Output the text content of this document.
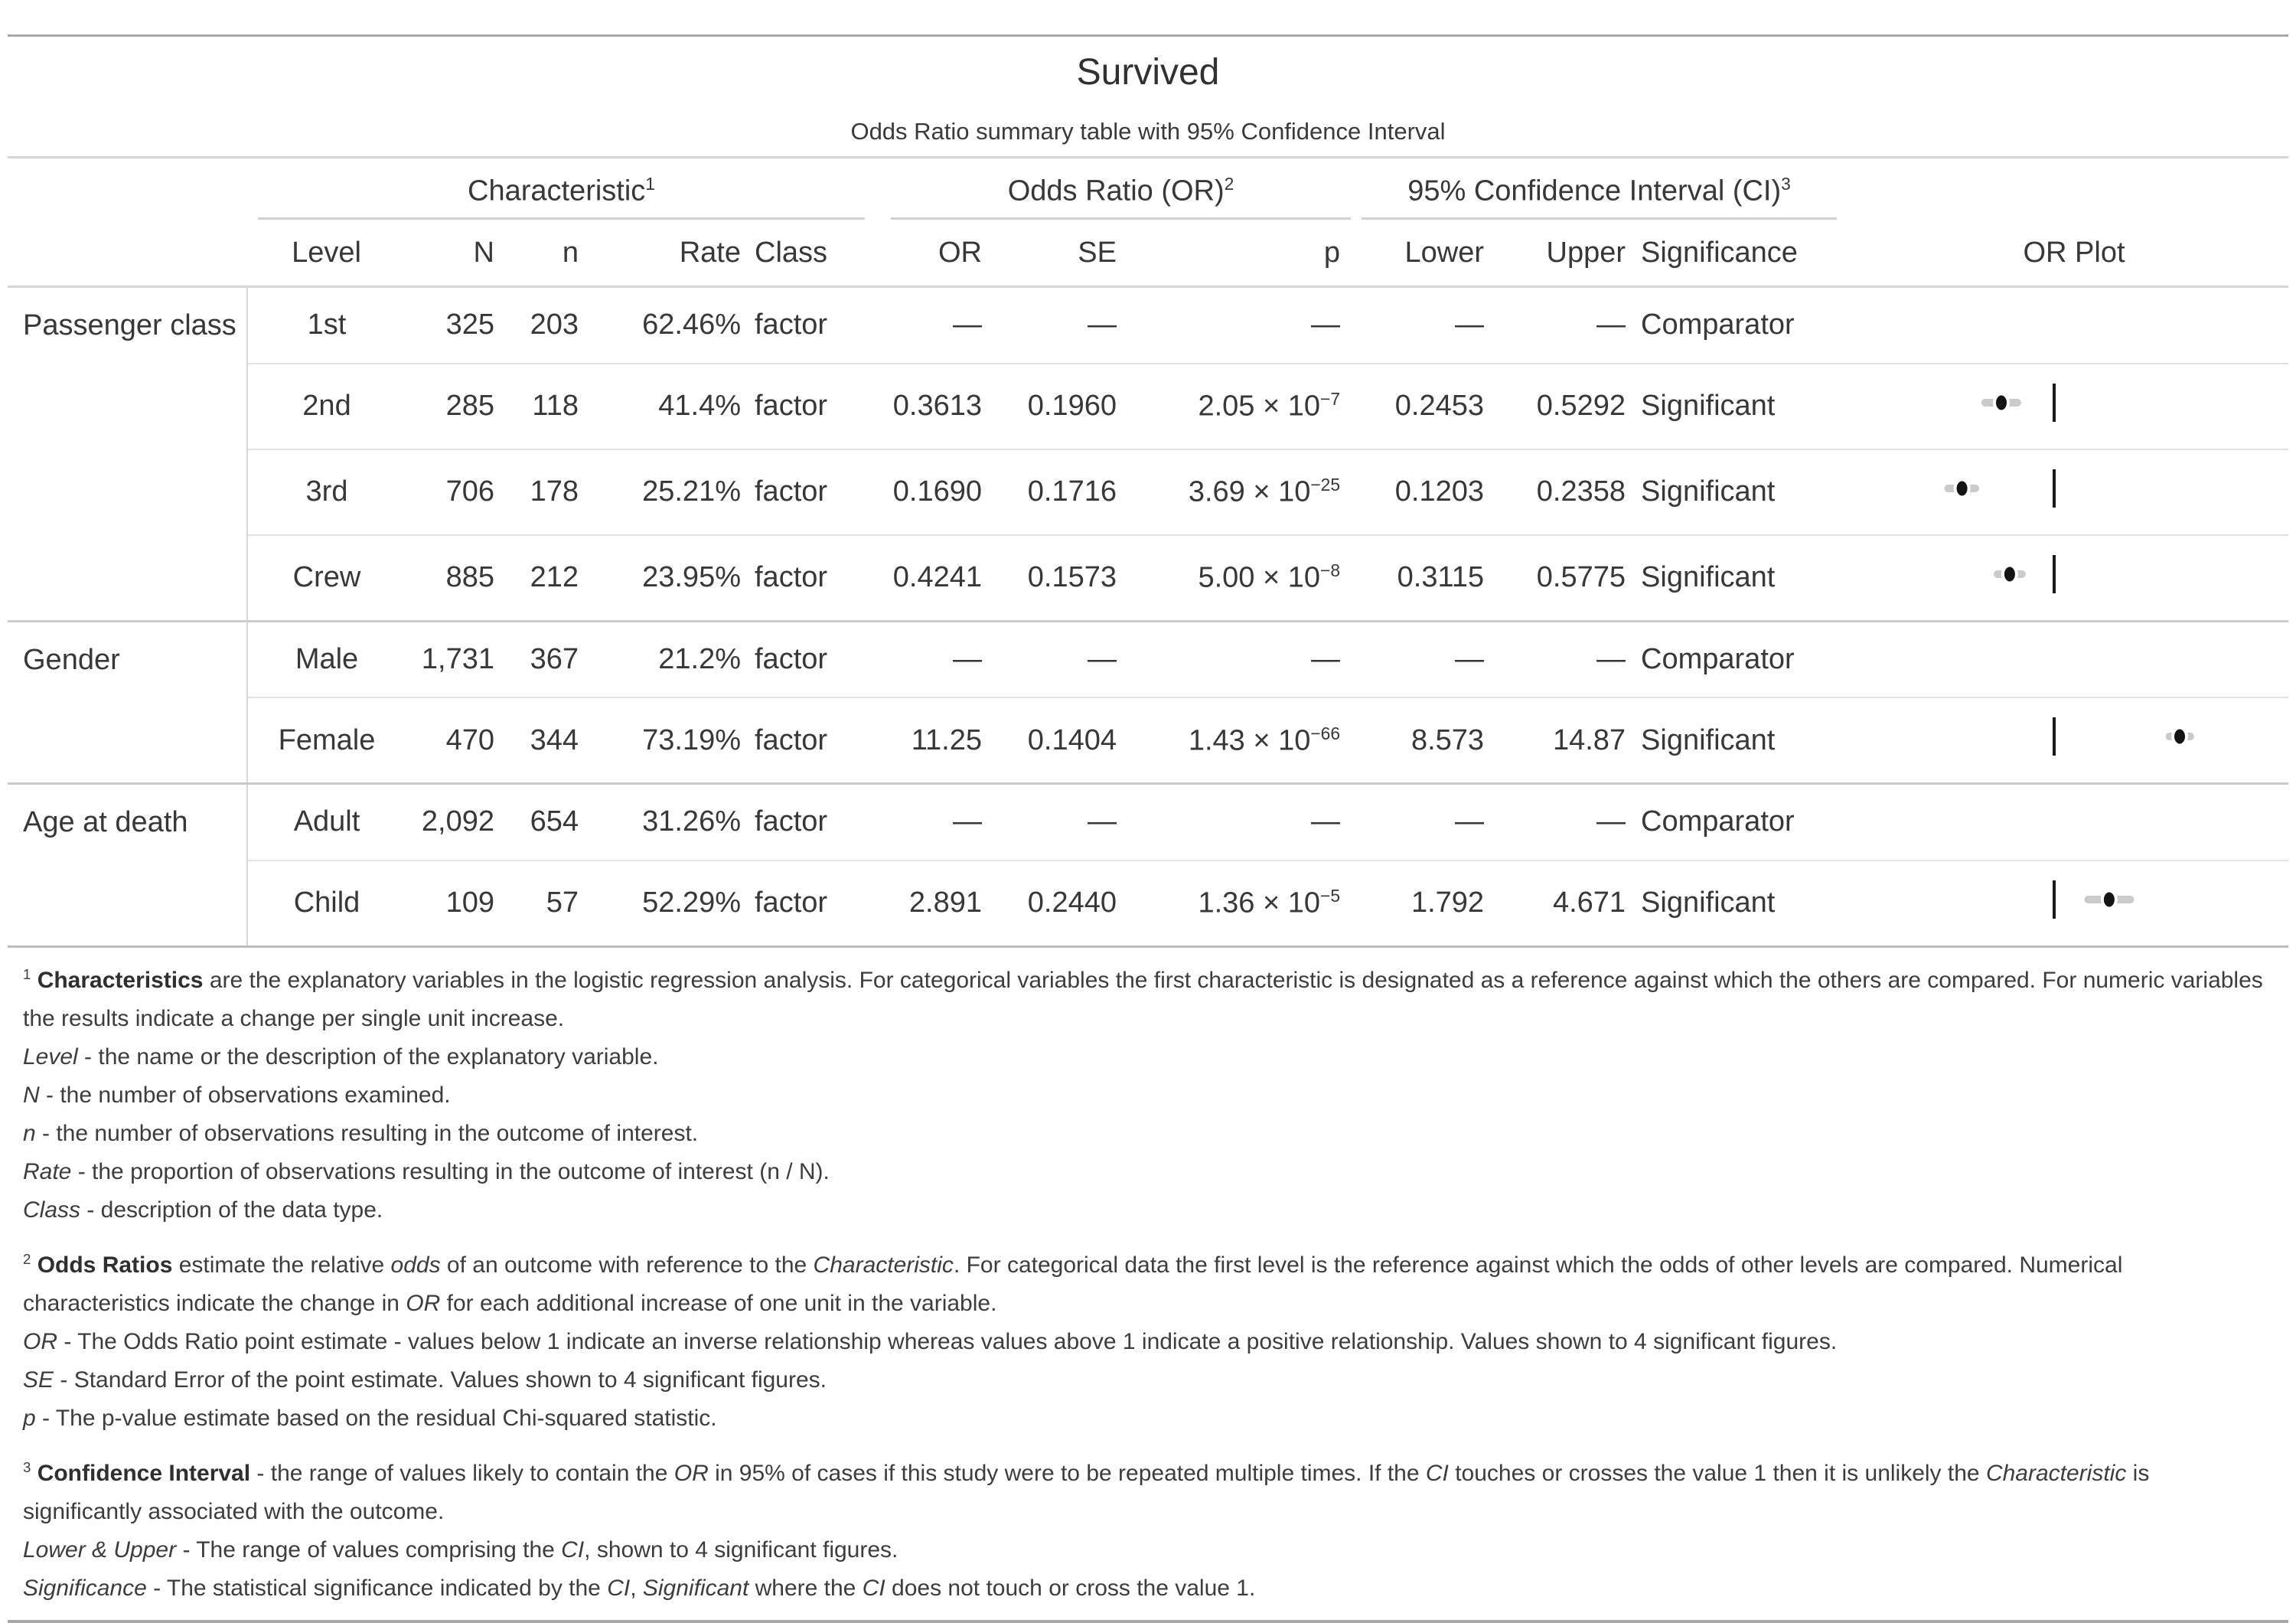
Survived
Odds Ratio summary table with 95% Confidence Interval

	Characteristic$^1$					Odds Ratio (OR)$^2$			95% Confidence Interval (CI)$^3$

	Level	N	n	Rate	Class	OR	SE	p	Lower	Upper	Significance	OR Plot
Passenger class	1st	325	203	62.46%	factor	—	—	—	—	—	Comparator	
	2nd	285	118	41.4%	factor	0.3613	0.1960	$2.05 \times 10^{-7}$	0.2453	0.5292	Significant	
	3rd	706	178	25.21%	factor	0.1690	0.1716	$3.69 \times 10^{-25}$	0.1203	0.2358	Significant	
	Crew	885	212	23.95%	factor	0.4241	0.1573	$5.00 \times 10^{-8}$	0.3115	0.5775	Significant	
Gender	Male	1,731	367	21.2%	factor	—	—	—	—	—	Comparator	
	Female	470	344	73.19%	factor	11.25	0.1404	$1.43 \times 10^{-66}$	8.573	14.87	Significant	
Age at death	Adult	2,092	654	31.26%	factor	—	—	—	—	—	Comparator	
	Child	109	57	52.29%	factor	2.891	0.2440	$1.36 \times 10^{-5}$	1.792	4.671	Significant	

$^1$ Characteristics are the explanatory variables in the logistic regression analysis. For categorical variables the first characteristic is designated as a reference against which the others are compared. For numeric variables the results indicate a change per single unit increase.

Level - the name or the description of the explanatory variable.

N - the number of observations examined.

n - the number of observations resulting in the outcome of interest.

Rate - the proportion of observations resulting in the outcome of interest (n / N).

Class - description of the data type.

$^2$ Odds Ratios estimate the relative odds of an outcome with reference to the Characteristic. For categorical data the first level is the reference against which the odds of other levels are compared. Numerical characteristics indicate the change in OR for each additional increase of one unit in the variable.

OR - The Odds Ratio point estimate - values below 1 indicate an inverse relationship whereas values above 1 indicate a positive relationship. Values shown to 4 significant figures.

SE - Standard Error of the point estimate. Values shown to 4 significant figures.

p - The p-value estimate based on the residual Chi-squared statistic.

$^3$ Confidence Interval - the range of values likely to contain the OR in 95% of cases if this study were to be repeated multiple times. If the CI touches or crosses the value 1 then it is unlikely the Characteristic is significantly associated with the outcome.

Lower & Upper - The range of values comprising the CI, shown to 4 significant figures.

Significance - The statistical significance indicated by the CI, Significant where the CI does not touch or cross the value 1.
